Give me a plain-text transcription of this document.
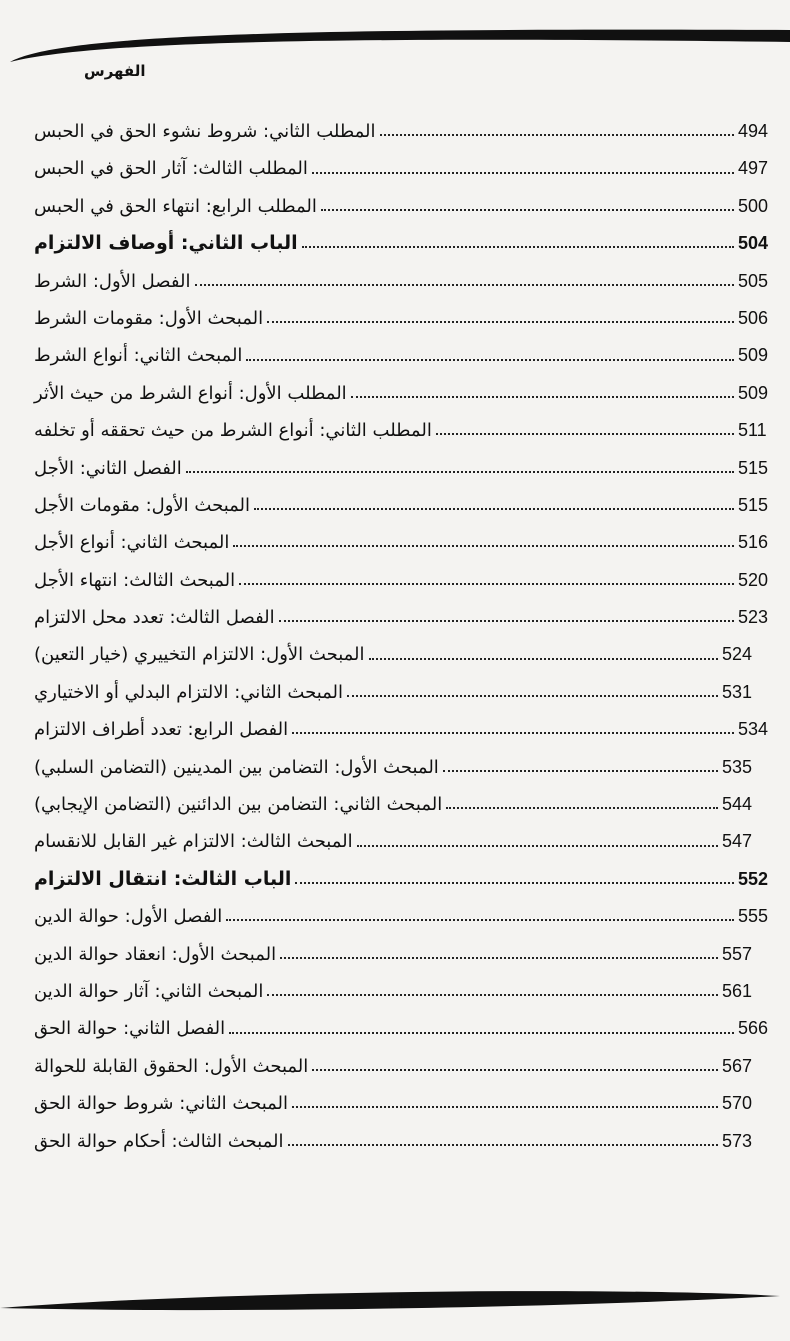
الفهرس
المطلب الثاني: شروط نشوء الحق في الحبس	494
المطلب الثالث: آثار الحق في الحبس	497
المطلب الرابع: انتهاء الحق في الحبس	500
الباب الثاني: أوصاف الالتزام	504
الفصل الأول: الشرط	505
المبحث الأول: مقومات الشرط	506
المبحث الثاني: أنواع الشرط	509
المطلب الأول: أنواع الشرط من حيث الأثر	509
المطلب الثاني: أنواع الشرط من حيث تحققه أو تخلفه	511
الفصل الثاني: الأجل	515
المبحث الأول: مقومات الأجل	515
المبحث الثاني: أنواع الأجل	516
المبحث الثالث: انتهاء الأجل	520
الفصل الثالث: تعدد محل الالتزام	523
المبحث الأول: الالتزام التخييري (خيار التعين)	524
المبحث الثاني: الالتزام البدلي أو الاختياري	531
الفصل الرابع: تعدد أطراف الالتزام	534
المبحث الأول: التضامن بين المدينين (التضامن السلبي)	535
المبحث الثاني: التضامن بين الدائنين (التضامن الإيجابي)	544
المبحث الثالث: الالتزام غير القابل للانقسام	547
الباب الثالث: انتقال الالتزام	552
الفصل الأول: حوالة الدين	555
المبحث الأول: انعقاد حوالة الدين	557
المبحث الثاني: آثار حوالة الدين	561
الفصل الثاني: حوالة الحق	566
المبحث الأول: الحقوق القابلة للحوالة	567
المبحث الثاني: شروط حوالة الحق	570
المبحث الثالث: أحكام حوالة الحق	573
11
